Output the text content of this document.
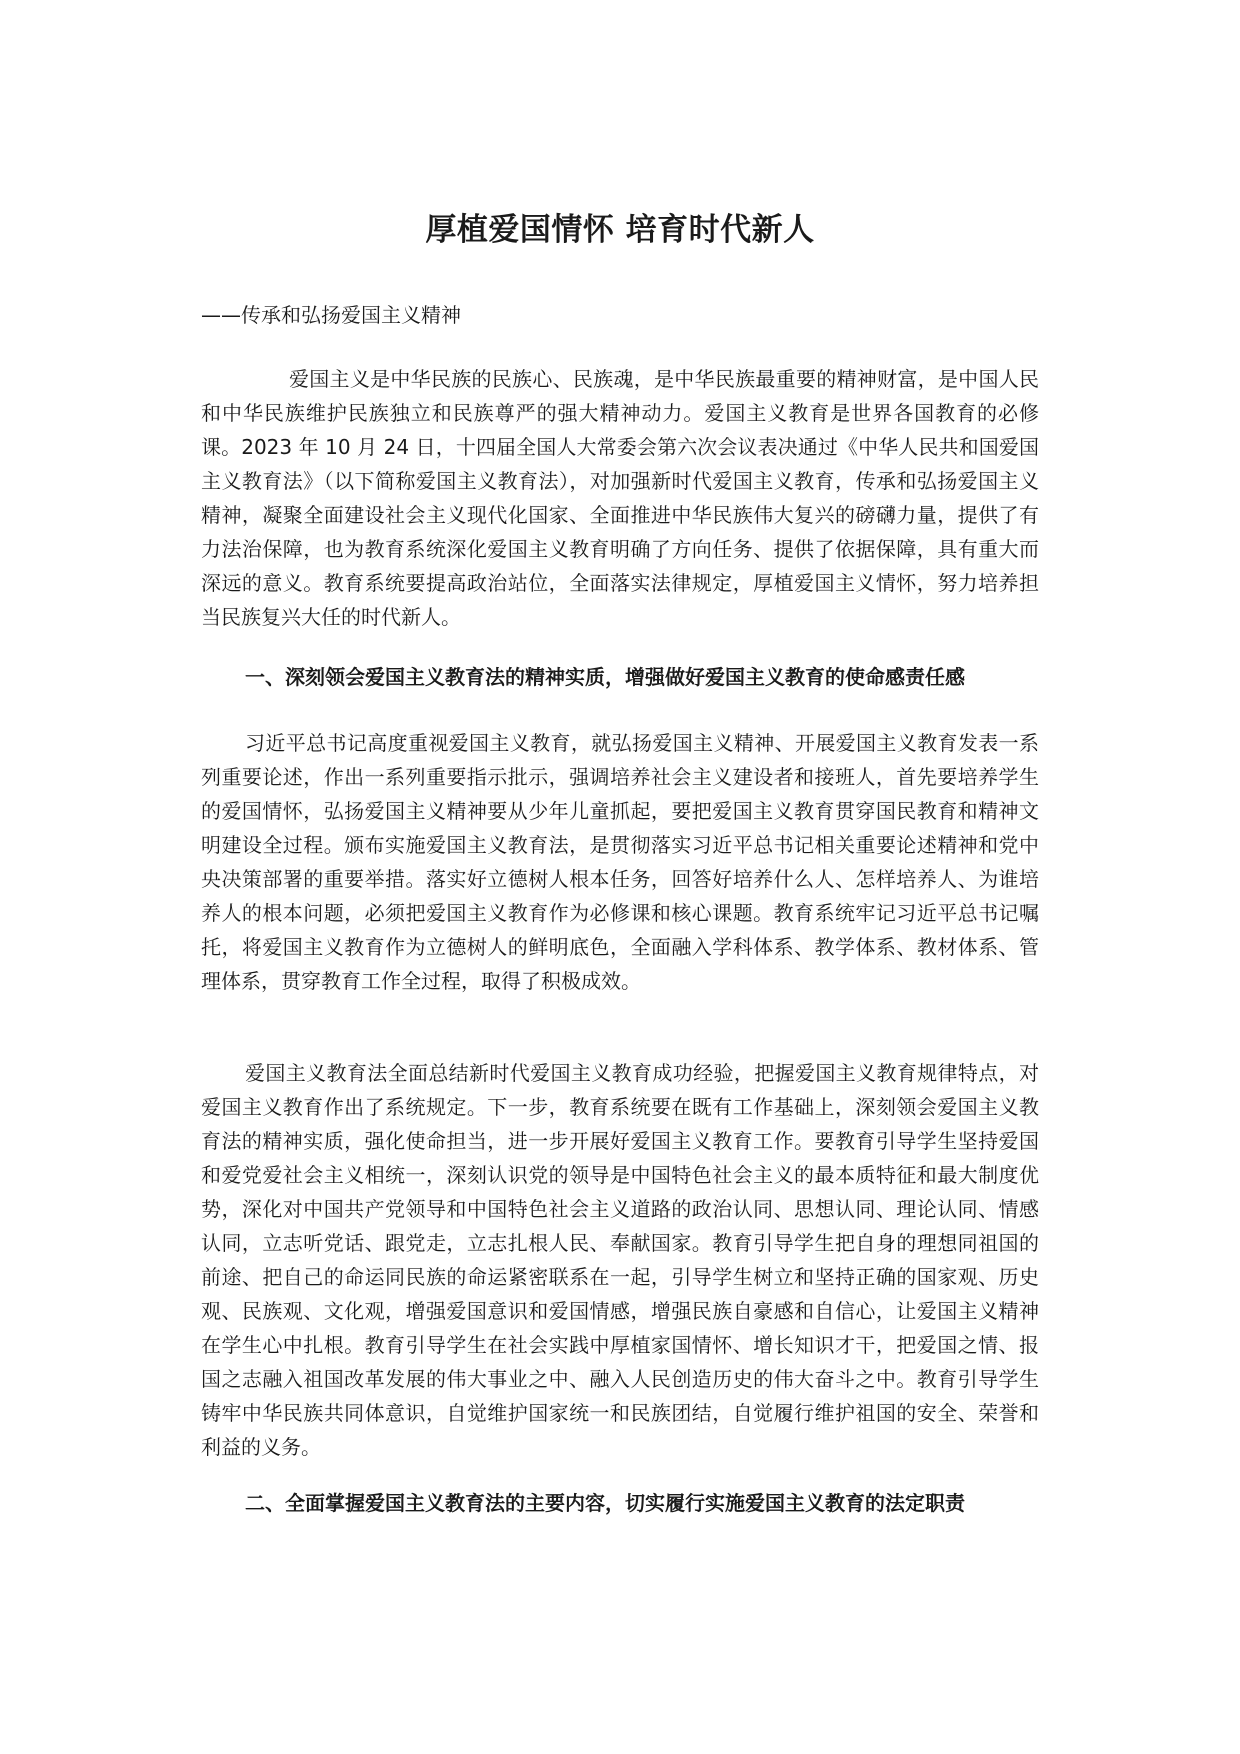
厚植爱国情怀 培育时代新人

——传承和弘扬爱国主义精神

爱国主义是中华民族的民族心、民族魂，是中华民族最重要的精神财富，是中国人民和中华民族维护民族独立和民族尊严的强大精神动力。爱国主义教育是世界各国教育的必修课。2023 年 10 月 24 日，十四届全国人大常委会第六次会议表决通过《中华人民共和国爱国主义教育法》（以下简称爱国主义教育法），对加强新时代爱国主义教育，传承和弘扬爱国主义精神，凝聚全面建设社会主义现代化国家、全面推进中华民族伟大复兴的磅礴力量，提供了有力法治保障，也为教育系统深化爱国主义教育明确了方向任务、提供了依据保障，具有重大而深远的意义。教育系统要提高政治站位，全面落实法律规定，厚植爱国主义情怀，努力培养担当民族复兴大任的时代新人。

一、深刻领会爱国主义教育法的精神实质，增强做好爱国主义教育的使命感责任感

习近平总书记高度重视爱国主义教育，就弘扬爱国主义精神、开展爱国主义教育发表一系列重要论述，作出一系列重要指示批示，强调培养社会主义建设者和接班人，首先要培养学生的爱国情怀，弘扬爱国主义精神要从少年儿童抓起，要把爱国主义教育贯穿国民教育和精神文明建设全过程。颁布实施爱国主义教育法，是贯彻落实习近平总书记相关重要论述精神和党中央决策部署的重要举措。落实好立德树人根本任务，回答好培养什么人、怎样培养人、为谁培养人的根本问题，必须把爱国主义教育作为必修课和核心课题。教育系统牢记习近平总书记嘱托，将爱国主义教育作为立德树人的鲜明底色，全面融入学科体系、教学体系、教材体系、管理体系，贯穿教育工作全过程，取得了积极成效。

爱国主义教育法全面总结新时代爱国主义教育成功经验，把握爱国主义教育规律特点，对爱国主义教育作出了系统规定。下一步，教育系统要在既有工作基础上，深刻领会爱国主义教育法的精神实质，强化使命担当，进一步开展好爱国主义教育工作。要教育引导学生坚持爱国和爱党爱社会主义相统一，深刻认识党的领导是中国特色社会主义的最本质特征和最大制度优势，深化对中国共产党领导和中国特色社会主义道路的政治认同、思想认同、理论认同、情感认同，立志听党话、跟党走，立志扎根人民、奉献国家。教育引导学生把自身的理想同祖国的前途、把自己的命运同民族的命运紧密联系在一起，引导学生树立和坚持正确的国家观、历史观、民族观、文化观，增强爱国意识和爱国情感，增强民族自豪感和自信心，让爱国主义精神在学生心中扎根。教育引导学生在社会实践中厚植家国情怀、增长知识才干，把爱国之情、报国之志融入祖国改革发展的伟大事业之中、融入人民创造历史的伟大奋斗之中。教育引导学生铸牢中华民族共同体意识，自觉维护国家统一和民族团结，自觉履行维护祖国的安全、荣誉和利益的义务。

二、全面掌握爱国主义教育法的主要内容，切实履行实施爱国主义教育的法定职责
